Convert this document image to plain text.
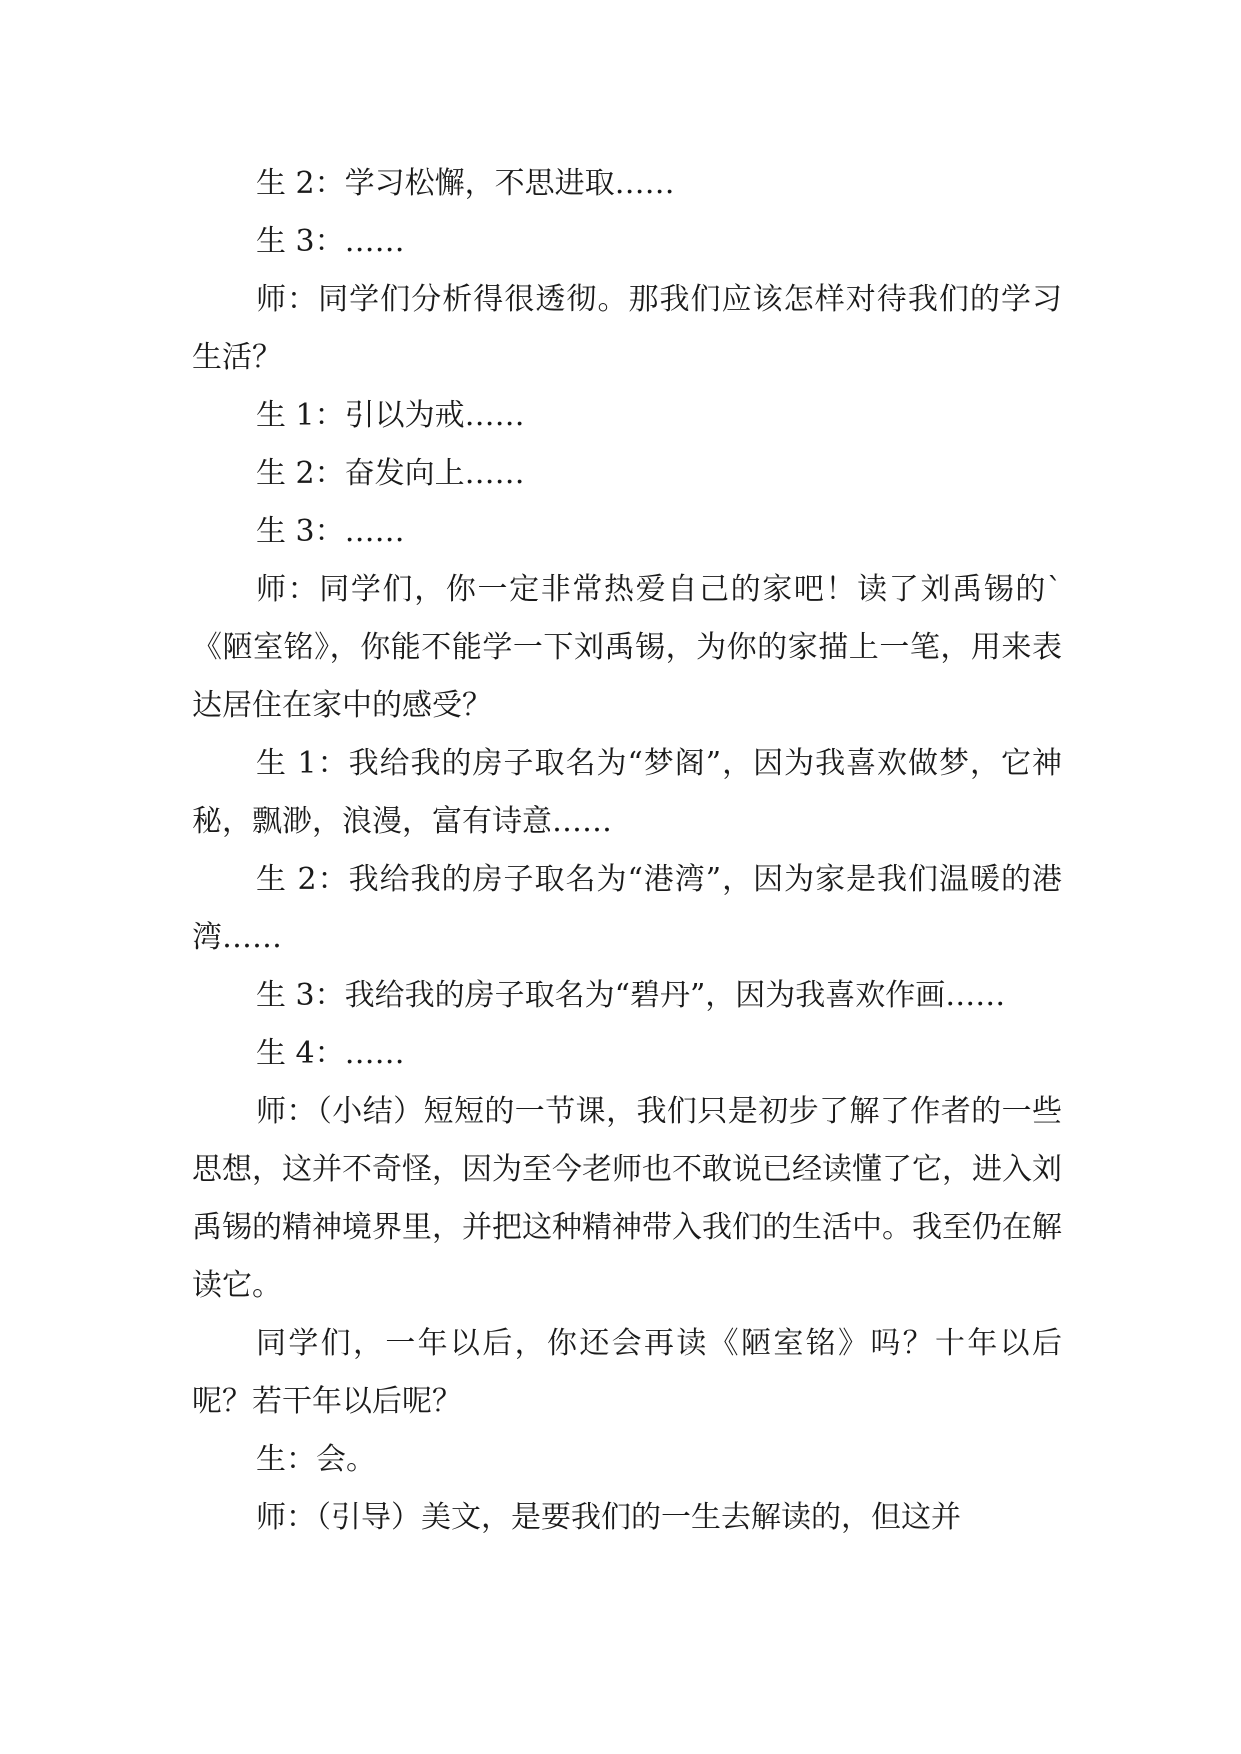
生 2：学习松懈，不思进取……

生 3：……

师：同学们分析得很透彻。那我们应该怎样对待我们的学习生活？

生 1：引以为戒……

生 2：奋发向上……

生 3：……

师：同学们，你一定非常热爱自己的家吧！读了刘禹锡的`《陋室铭》，你能不能学一下刘禹锡，为你的家描上一笔，用来表达居住在家中的感受？

生 1：我给我的房子取名为“梦阁”，因为我喜欢做梦，它神秘，飘渺，浪漫，富有诗意……

生 2：我给我的房子取名为“港湾”，因为家是我们温暖的港湾……

生 3：我给我的房子取名为“碧丹”，因为我喜欢作画……

生 4：……

师：（小结）短短的一节课，我们只是初步了解了作者的一些思想，这并不奇怪，因为至今老师也不敢说已经读懂了它，进入刘禹锡的精神境界里，并把这种精神带入我们的生活中。我至仍在解读它。

同学们，一年以后，你还会再读《陋室铭》吗？十年以后呢？若干年以后呢？

生：会。

师：（引导）美文，是要我们的一生去解读的，但这并
